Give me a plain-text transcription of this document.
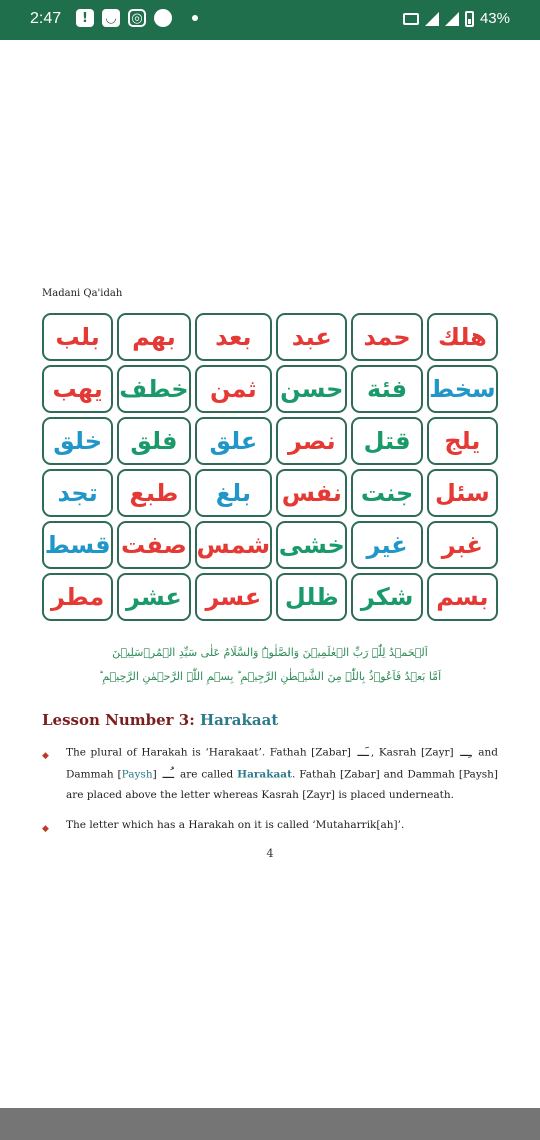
2:47	!	◡	◎	43%
Madani Qa'idah
بلب	بهم	بعد	عبد	حمد	هلك
يهب خطف ثمن حسن فئة سخط
خلق	فلق	علق	نصر	قتل	يلج
تجد	طبع	بلغ	نفس جنت سئل
قسط صفت شمس خشى غير	غبر
مطر عشر عسر ظلل شكر بسم
اَلۡحَمۡدُ لِلّٰہِ رَبِّ الۡعٰلَمِیۡنَ وَالصَّلٰوۃُ وَالسَّلَامُ عَلٰی سَیِّدِ الۡمُرۡسَلِیۡنَ
اَمَّا بَعۡدُ فَاَعُوۡذُ بِاللّٰہِ مِنَ الشَّیۡطٰنِ الرَّجِیۡمِ ؕ بِسۡمِ اللّٰہِ الرَّحۡمٰنِ الرَّحِیۡمِ ؕ
Lesson Number 3: Harakaat
◆ The plural of Harakah is ‘Harakaat’. Fathah [Zabar] ـَــ , Kasrah [Zayr] ـِــ and Dammah [Paysh] ـُــ are called Harakaat. Fathah [Zabar] and Dammah [Paysh] are placed above the letter whereas Kasrah [Zayr] is placed underneath.
◆ The letter which has a Harakah on it is called ‘Mutaharrik[ah]’.
4
